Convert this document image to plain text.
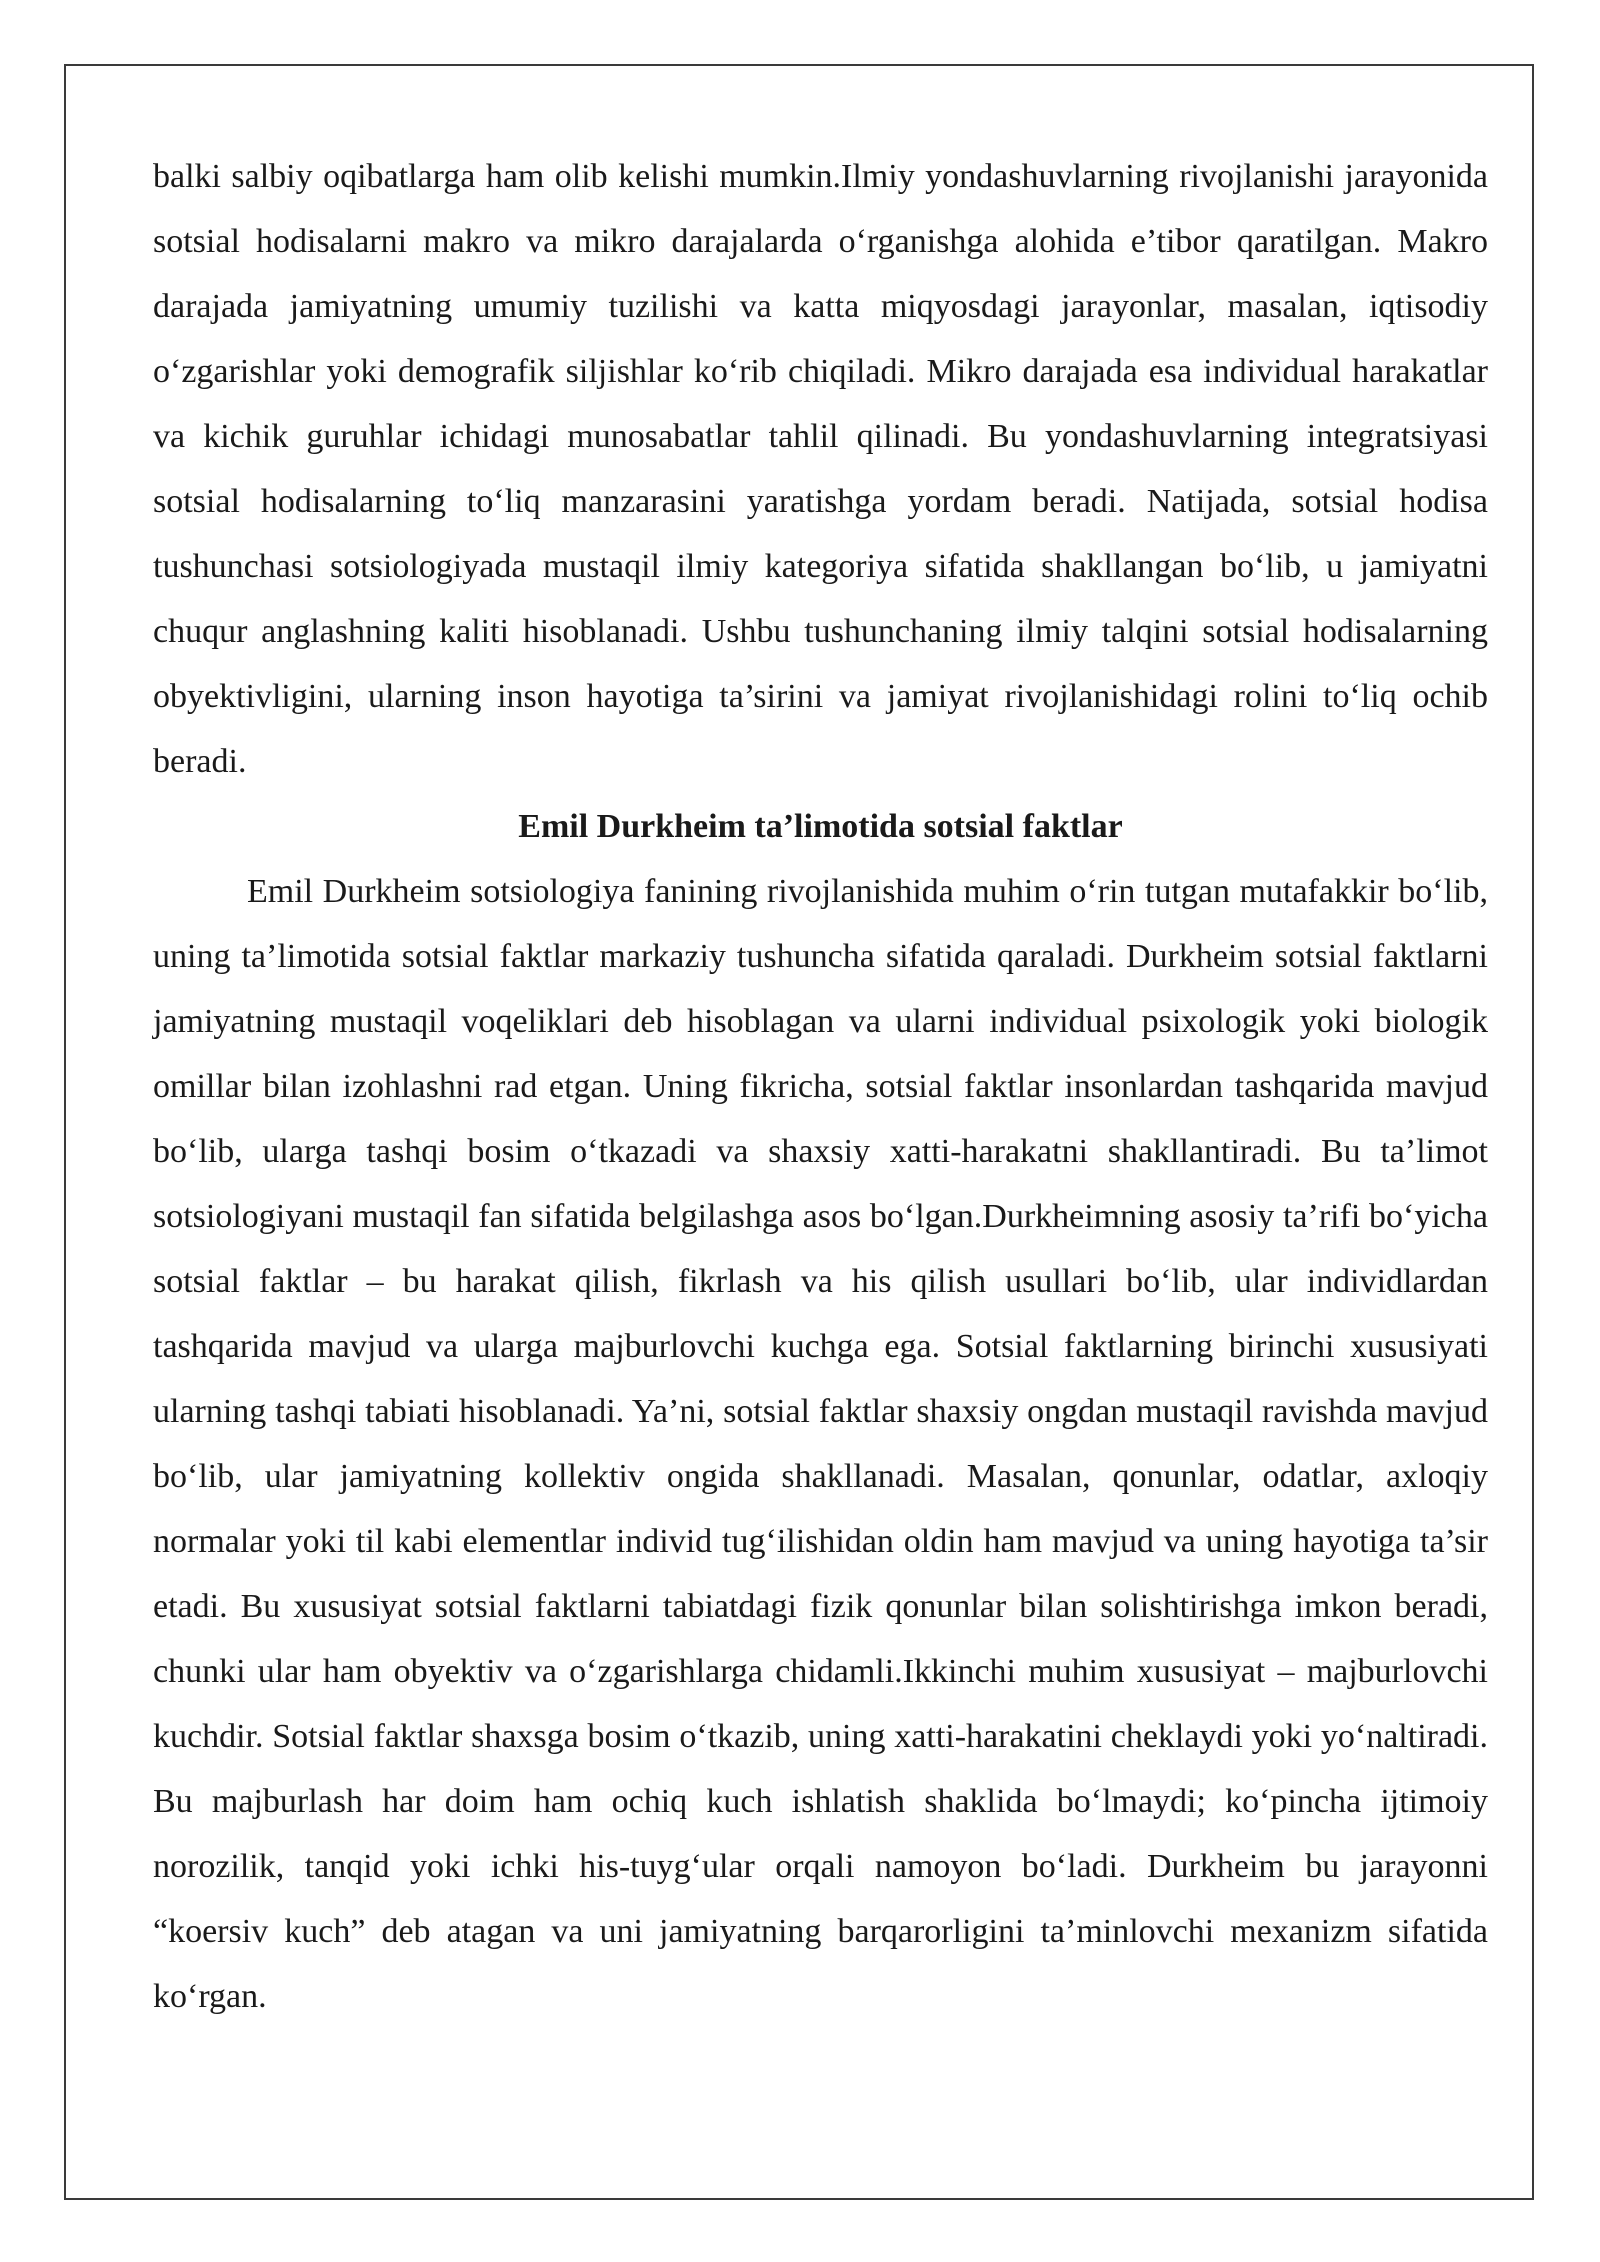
balki salbiy oqibatlarga ham olib kelishi mumkin.Ilmiy yondashuvlarning rivojlanishi jarayonida sotsial hodisalarni makro va mikro darajalarda o‘rganishga alohida e’tibor qaratilgan. Makro darajada jamiyatning umumiy tuzilishi va katta miqyosdagi jarayonlar, masalan, iqtisodiy o‘zgarishlar yoki demografik siljishlar ko‘rib chiqiladi. Mikro darajada esa individual harakatlar va kichik guruhlar ichidagi munosabatlar tahlil qilinadi. Bu yondashuvlarning integratsiyasi sotsial hodisalarning to‘liq manzarasini yaratishga yordam beradi. Natijada, sotsial hodisa tushunchasi sotsiologiyada mustaqil ilmiy kategoriya sifatida shakllangan bo‘lib, u jamiyatni chuqur anglashning kaliti hisoblanadi. Ushbu tushunchaning ilmiy talqini sotsial hodisalarning obyektivligini, ularning inson hayotiga ta’sirini va jamiyat rivojlanishidagi rolini to‘liq ochib beradi.

Emil Durkheim ta’limotida sotsial faktlar

Emil Durkheim sotsiologiya fanining rivojlanishida muhim o‘rin tutgan mutafakkir bo‘lib, uning ta’limotida sotsial faktlar markaziy tushuncha sifatida qaraladi. Durkheim sotsial faktlarni jamiyatning mustaqil voqeliklari deb hisoblagan va ularni individual psixologik yoki biologik omillar bilan izohlashni rad etgan. Uning fikricha, sotsial faktlar insonlardan tashqarida mavjud bo‘lib, ularga tashqi bosim o‘tkazadi va shaxsiy xatti-harakatni shakllantiradi. Bu ta’limot sotsiologiyani mustaqil fan sifatida belgilashga asos bo‘lgan.Durkheimning asosiy ta’rifi bo‘yicha sotsial faktlar – bu harakat qilish, fikrlash va his qilish usullari bo‘lib, ular individlardan tashqarida mavjud va ularga majburlovchi kuchga ega. Sotsial faktlarning birinchi xususiyati ularning tashqi tabiati hisoblanadi. Ya’ni, sotsial faktlar shaxsiy ongdan mustaqil ravishda mavjud bo‘lib, ular jamiyatning kollektiv ongida shakllanadi. Masalan, qonunlar, odatlar, axloqiy normalar yoki til kabi elementlar individ tug‘ilishidan oldin ham mavjud va uning hayotiga ta’sir etadi. Bu xususiyat sotsial faktlarni tabiatdagi fizik qonunlar bilan solishtirishga imkon beradi, chunki ular ham obyektiv va o‘zgarishlarga chidamli.Ikkinchi muhim xususiyat – majburlovchi kuchdir. Sotsial faktlar shaxsga bosim o‘tkazib, uning xatti-harakatini cheklaydi yoki yo‘naltiradi. Bu majburlash har doim ham ochiq kuch ishlatish shaklida bo‘lmaydi; ko‘pincha ijtimoiy norozilik, tanqid yoki ichki his-tuyg‘ular orqali namoyon bo‘ladi. Durkheim bu jarayonni “koersiv kuch” deb atagan va uni jamiyatning barqarorligini ta’minlovchi mexanizm sifatida ko‘rgan.
